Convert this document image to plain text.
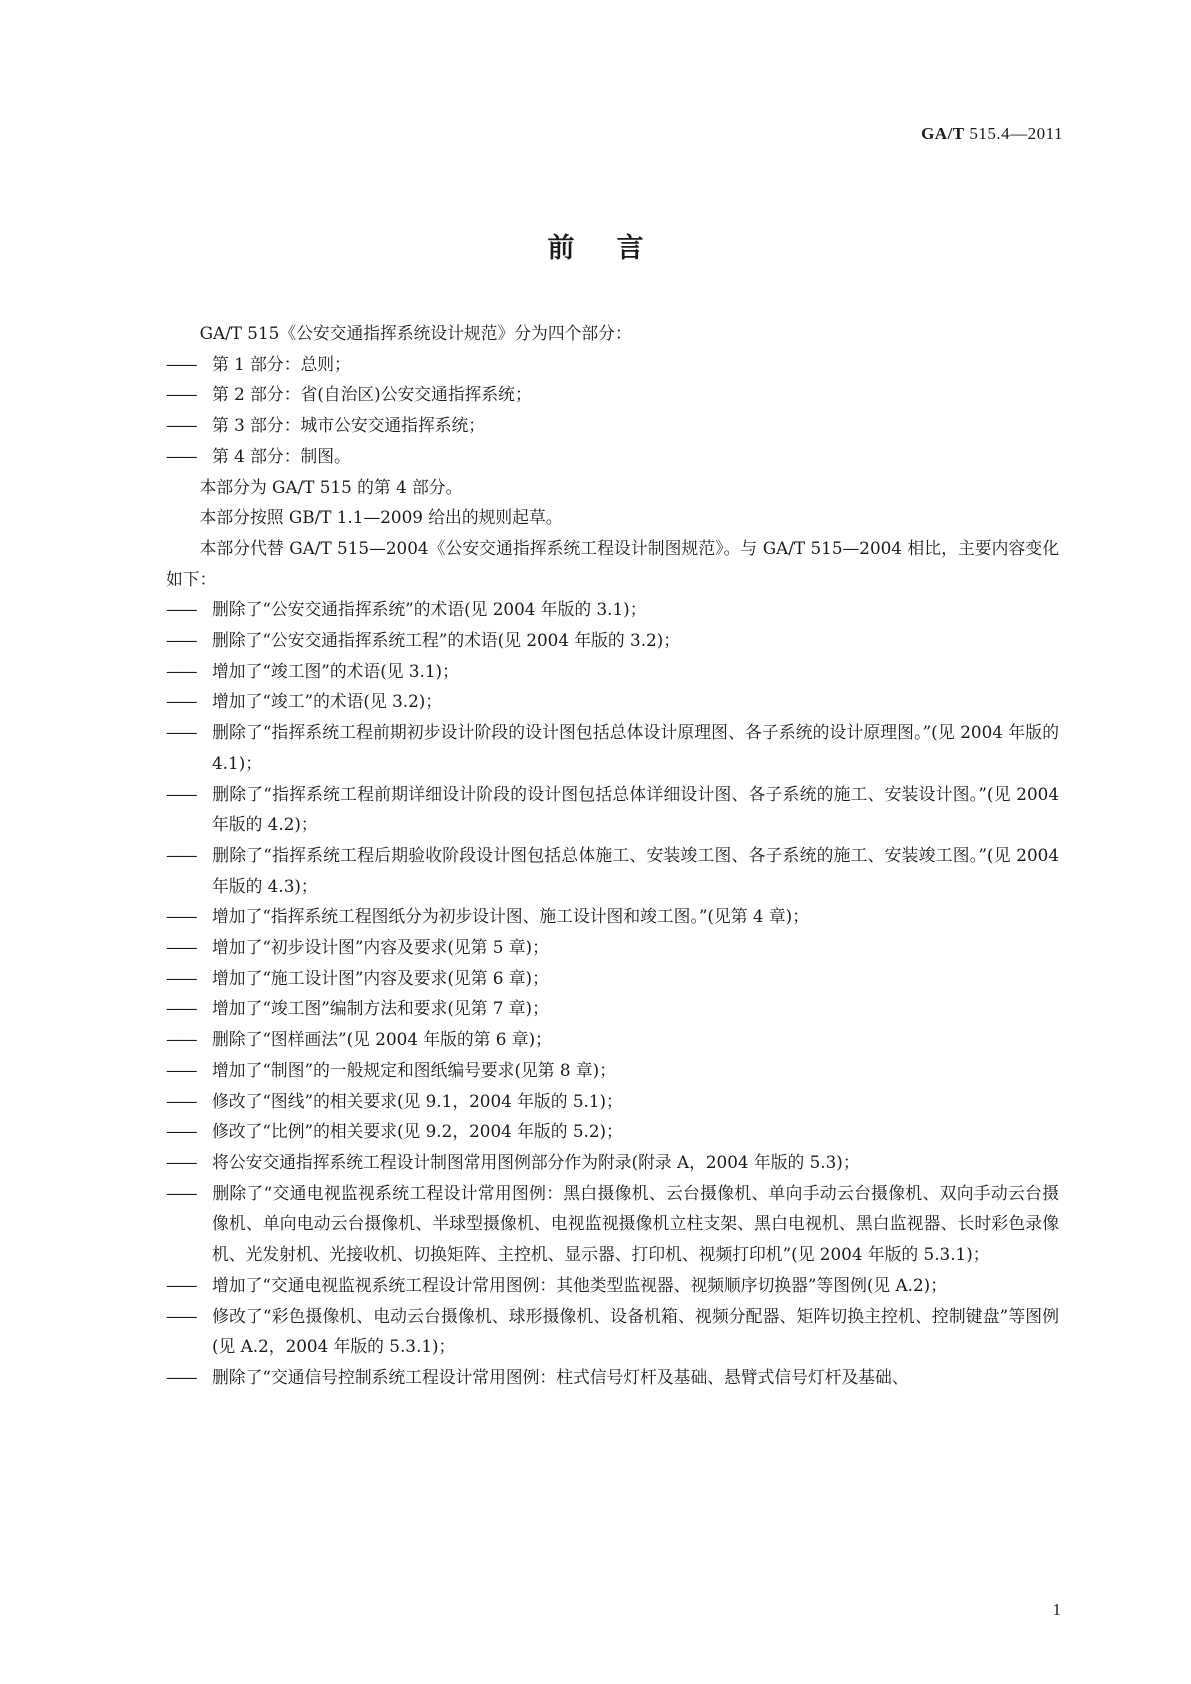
GA/T 515.4—2011
前言

GA/T 515《公安交通指挥系统设计规范》分为四个部分：

—— 第 1 部分：总则；

—— 第 2 部分：省(自治区)公安交通指挥系统；

—— 第 3 部分：城市公安交通指挥系统；

—— 第 4 部分：制图。

本部分为 GA/T 515 的第 4 部分。

本部分按照 GB/T 1.1—2009 给出的规则起草。

本部分代替 GA/T 515—2004《公安交通指挥系统工程设计制图规范》。与 GA/T 515—2004 相比，主要内容变化如下：

—— 删除了“公安交通指挥系统”的术语(见 2004 年版的 3.1)；

—— 删除了“公安交通指挥系统工程”的术语(见 2004 年版的 3.2)；

—— 增加了“竣工图”的术语(见 3.1)；

—— 增加了“竣工”的术语(见 3.2)；

—— 删除了“指挥系统工程前期初步设计阶段的设计图包括总体设计原理图、各子系统的设计原理图。”(见 2004 年版的 4.1)；

—— 删除了“指挥系统工程前期详细设计阶段的设计图包括总体详细设计图、各子系统的施工、安装设计图。”(见 2004 年版的 4.2)；

—— 删除了“指挥系统工程后期验收阶段设计图包括总体施工、安装竣工图、各子系统的施工、安装竣工图。”(见 2004 年版的 4.3)；

—— 增加了“指挥系统工程图纸分为初步设计图、施工设计图和竣工图。”(见第 4 章)；

—— 增加了“初步设计图”内容及要求(见第 5 章)；

—— 增加了“施工设计图”内容及要求(见第 6 章)；

—— 增加了“竣工图”编制方法和要求(见第 7 章)；

—— 删除了“图样画法”(见 2004 年版的第 6 章)；

—— 增加了“制图”的一般规定和图纸编号要求(见第 8 章)；

—— 修改了“图线”的相关要求(见 9.1，2004 年版的 5.1)；

—— 修改了“比例”的相关要求(见 9.2，2004 年版的 5.2)；

—— 将公安交通指挥系统工程设计制图常用图例部分作为附录(附录 A，2004 年版的 5.3)；

—— 删除了“交通电视监视系统工程设计常用图例：黑白摄像机、云台摄像机、单向手动云台摄像机、双向手动云台摄像机、单向电动云台摄像机、半球型摄像机、电视监视摄像机立柱支架、黑白电视机、黑白监视器、长时彩色录像机、光发射机、光接收机、切换矩阵、主控机、显示器、打印机、视频打印机”(见 2004 年版的 5.3.1)；

—— 增加了“交通电视监视系统工程设计常用图例：其他类型监视器、视频顺序切换器”等图例(见 A.2)；

—— 修改了“彩色摄像机、电动云台摄像机、球形摄像机、设备机箱、视频分配器、矩阵切换主控机、控制键盘”等图例(见 A.2，2004 年版的 5.3.1)；

—— 删除了“交通信号控制系统工程设计常用图例：柱式信号灯杆及基础、悬臂式信号灯杆及基础、

1
